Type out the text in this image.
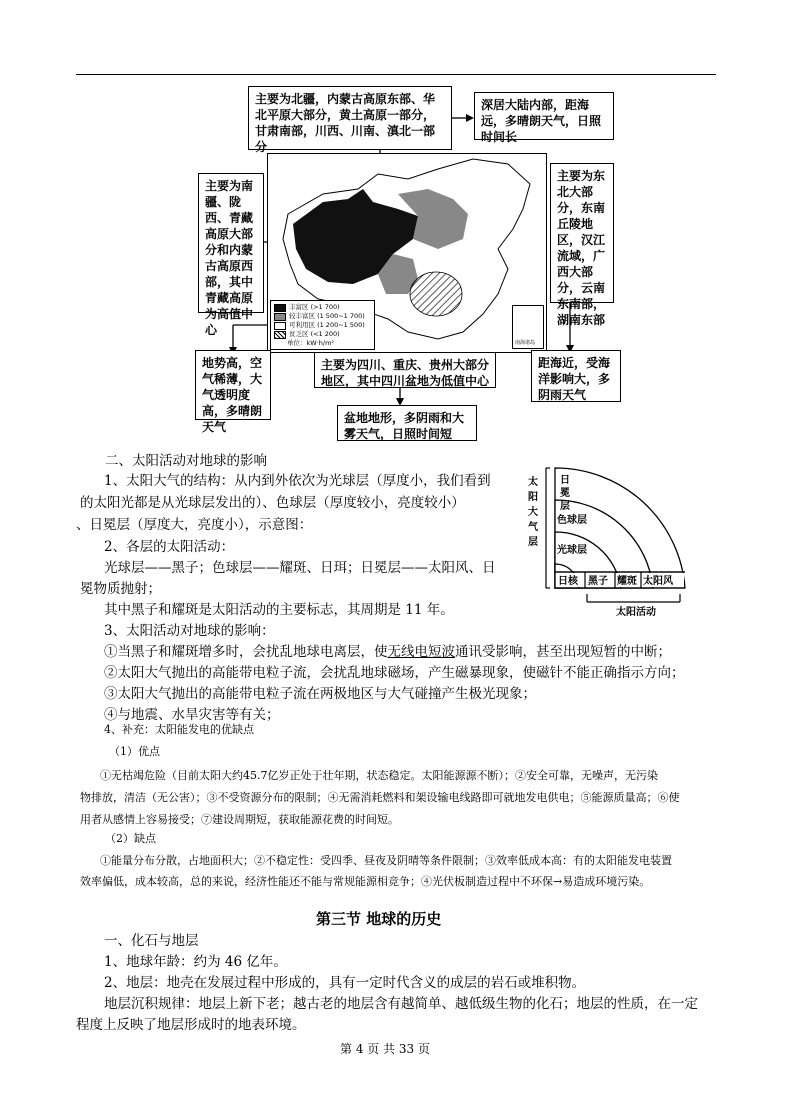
丰富区 (>1 700)
较丰富区 (1 500~1 700)
可利用区 (1 200~1 500)
贫乏区 (<1 200)
单位：kW·h/m²	南海诸岛
主要为北疆，内蒙古高原东部、华北平原大部分，黄土高原一部分，甘肃南部，川西、川南、滇北一部分
深居大陆内部，距海远，多晴朗天气，日照时间长
主要为南疆、陇西、青藏高原大部分和内蒙古高原西部，其中青藏高原为高值中心
主要为东北大部分，东南丘陵地区，汉江流域，广西大部分，云南东南部，湖南东部
地势高，空气稀薄，大气透明度高，多晴朗天气
主要为四川、重庆、贵州大部分地区，其中四川盆地为低值中心
距海近，受海洋影响大，多阴雨天气
盆地地形，多阴雨和大雾天气，日照时间短
日
冕
层
色球层
光球层
日核 黑子 耀斑 太阳风
太阳活动
太
阳
大
气
层
二、太阳活动对地球的影响
1、太阳大气的结构：从内到外依次为光球层（厚度小，我们看到
的太阳光都是从光球层发出的）、色球层（厚度较小，亮度较小）
、日冕层（厚度大，亮度小），示意图：
2、各层的太阳活动：
光球层——黑子；色球层——耀斑、日珥；日冕层——太阳风、日
冕物质抛射；
其中黑子和耀斑是太阳活动的主要标志，其周期是 11 年。
3、太阳活动对地球的影响：
①当黑子和耀斑增多时，会扰乱地球电离层，使无线电短波通讯受影响，甚至出现短暂的中断；
②太阳大气抛出的高能带电粒子流，会扰乱地球磁场，产生磁暴现象，使磁针不能正确指示方向；
③太阳大气抛出的高能带电粒子流在两极地区与大气碰撞产生极光现象；
④与地震、水旱灾害等有关；
4、补充：太阳能发电的优缺点
（1）优点
①无枯竭危险（目前太阳大约45.7亿岁正处于壮年期，状态稳定。太阳能源源不断）；②安全可靠，无噪声，无污染
物排放，清洁（无公害）；③不受资源分布的限制；④无需消耗燃料和架设输电线路即可就地发电供电；⑤能源质量高；⑥使
用者从感情上容易接受；⑦建设周期短，获取能源花费的时间短。
（2）缺点
①能量分布分散，占地面积大；②不稳定性：受四季、昼夜及阴晴等条件限制；③效率低成本高：有的太阳能发电装置
效率偏低，成本较高，总的来说，经济性能还不能与常规能源相竞争；④光伏板制造过程中不环保→易造成环境污染。
第三节 地球的历史
一、化石与地层
1、地球年龄：约为 46 亿年。
2、地层：地壳在发展过程中形成的，具有一定时代含义的成层的岩石或堆积物。
地层沉积规律：地层上新下老；越古老的地层含有越简单、越低级生物的化石；地层的性质，在一定
程度上反映了地层形成时的地表环境。
第 4 页 共 33 页
